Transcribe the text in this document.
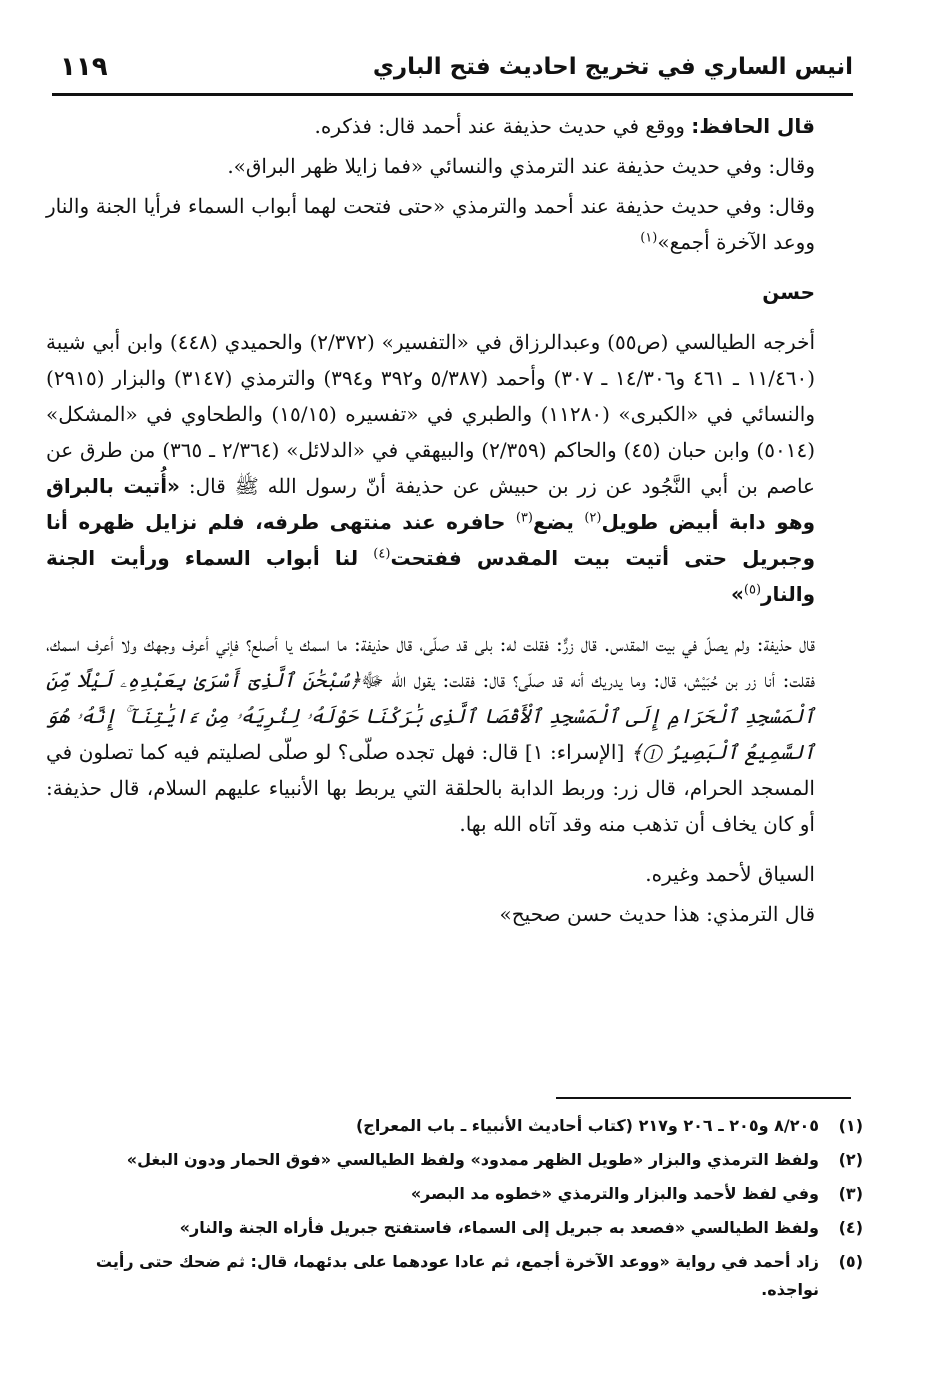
انيس الساري في تخريج احاديث فتح الباري
١١٩

قال الحافظ: ووقع في حديث حذيفة عند أحمد قال: فذكره.

وقال: وفي حديث حذيفة عند الترمذي والنسائي «فما زايلا ظهر البراق».

وقال: وفي حديث حذيفة عند أحمد والترمذي «حتى فتحت لهما أبواب السماء فرأيا الجنة والنار ووعد الآخرة أجمع»$^{(١)}$

حسن

أخرجه الطيالسي (ص٥٥) وعبدالرزاق في «التفسير» (٢/٣٧٢) والحميدي (٤٤٨) وابن أبي شيبة (١١/٤٦٠ ـ ٤٦١ و١٤/٣٠٦ ـ ٣٠٧) وأحمد (٥/٣٨٧ و٣٩٢ و٣٩٤) والترمذي (٣١٤٧) والبزار (٢٩١٥) والنسائي في «الكبرى» (١١٢٨٠) والطبري في «تفسيره (١٥/١٥) والطحاوي في «المشكل» (٥٠١٤) وابن حبان (٤٥) والحاكم (٢/٣٥٩) والبيهقي في «الدلائل» (٢/٣٦٤ ـ ٣٦٥) من طرق عن عاصم بن أبي النَّجُود عن زر بن حبيش عن حذيفة أنّ رسول الله ﷺ قال: «أُتيت بالبراق وهو دابة أبيض طويل$^{(٢)}$ يضع$^{(٣)}$ حافره عند منتهى طرفه، فلم نزايل ظهره أنا وجبريل حتى أتيت بيت المقدس ففتحت$^{(٤)}$ لنا أبواب السماء ورأيت الجنة والنار$^{(٥)}$»

قال حذيفة: ولم يصلّ في بيت المقدس. قال زرٌّ: فقلت له: بلى قد صلّى، قال حذيفة: ما اسمك يا أصلع؟ فإني أعرف وجهك ولا أعرف اسمك، فقلت: أنا زر بن حُبَيْش، قال: وما يدريك أنه قد صلّى؟ قال: فقلت: يقول الله ﷻ﴿سُبْحَٰنَ ٱلَّذِىٓ أَسْرَىٰ بِعَبْدِهِۦ لَيْلًا مِّنَ ٱلْمَسْجِدِ ٱلْحَرَامِ إِلَى ٱلْمَسْجِدِ ٱلْأَقْصَا ٱلَّذِى بَٰرَكْنَا حَوْلَهُۥ لِنُرِيَهُۥ مِنْ ءَايَٰتِنَآ ۚ إِنَّهُۥ هُوَ ٱلسَّمِيعُ ٱلْبَصِيرُ ①﴾ [الإسراء: ١] قال: فهل تجده صلّى؟ لو صلّى لصليتم فيه كما تصلون في المسجد الحرام، قال زر: وربط الدابة بالحلقة التي يربط بها الأنبياء عليهم السلام، قال حذيفة: أو كان يخاف أن تذهب منه وقد آتاه الله بها.

السياق لأحمد وغيره.

قال الترمذي: هذا حديث حسن صحيح»

(١)
٨/٢٠٥ و٢٠٥ ـ ٢٠٦ و٢١٧ (كتاب أحاديث الأنبياء ـ باب المعراج)
(٢)
ولفظ الترمذي والبزار «طويل الظهر ممدود» ولفظ الطيالسي «فوق الحمار ودون البغل»
(٣)
وفي لفظ لأحمد والبزار والترمذي «خطوه مد البصر»
(٤)
ولفظ الطيالسي «فصعد به جبريل إلى السماء، فاستفتح جبريل فأراه الجنة والنار»
(٥)
زاد أحمد في رواية «ووعد الآخرة أجمع، ثم عادا عودهما على بدئهما، قال: ثم ضحك حتى رأيت نواجذه.
